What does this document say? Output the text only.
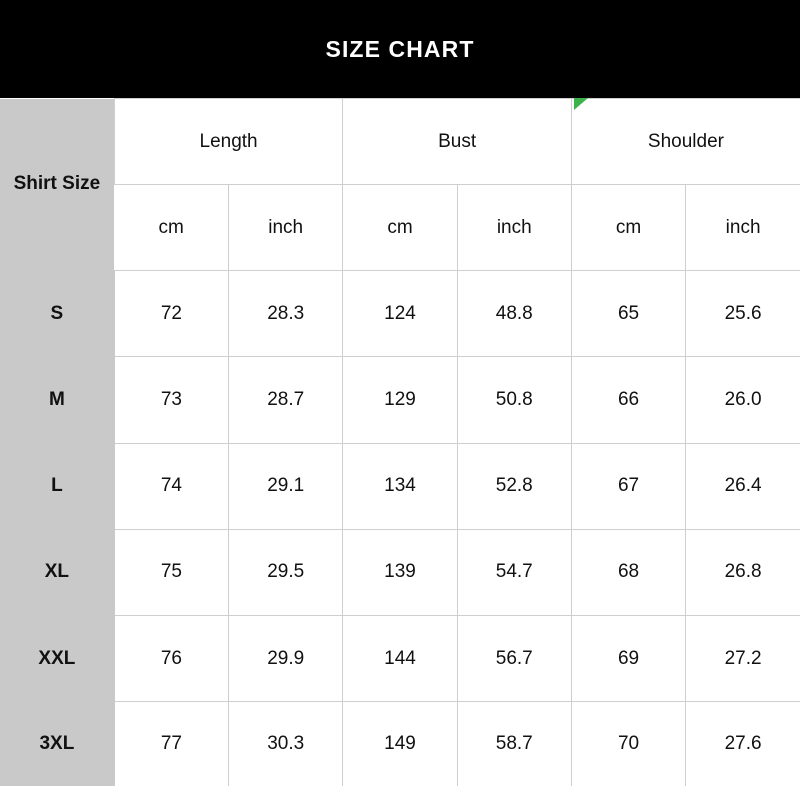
SIZE CHART
Shirt Size	Length		Bust		Shoulder	
	cm	inch	cm	inch	cm	inch
S	72	28.3	124	48.8	65	25.6
M	73	28.7	129	50.8	66	26.0
L	74	29.1	134	52.8	67	26.4
XL	75	29.5	139	54.7	68	26.8
XXL	76	29.9	144	56.7	69	27.2
3XL	77	30.3	149	58.7	70	27.6
